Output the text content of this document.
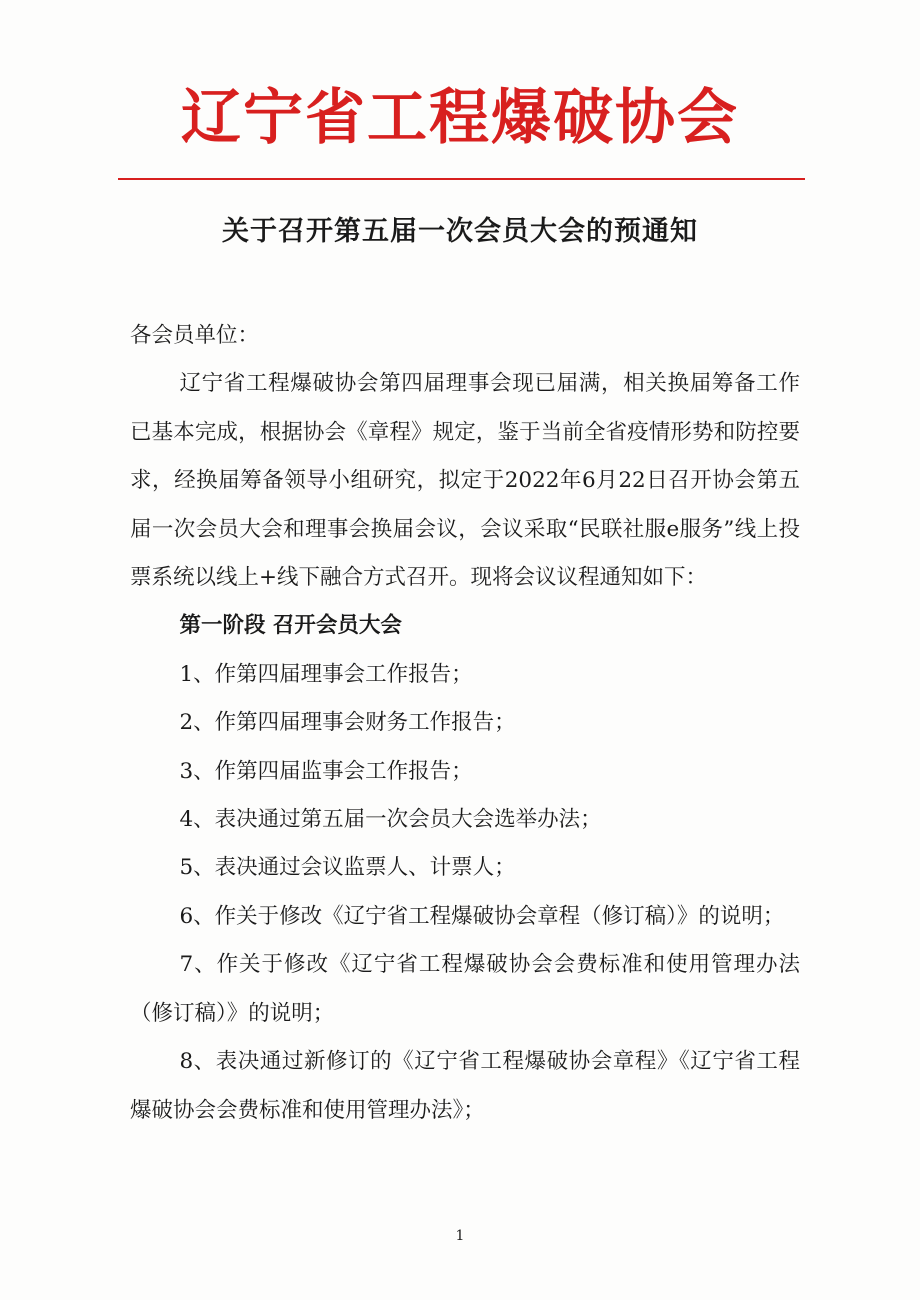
辽宁省工程爆破协会
关于召开第五届一次会员大会的预通知

各会员单位：

辽宁省工程爆破协会第四届理事会现已届满，相关换届筹备工作已基本完成，根据协会《章程》规定，鉴于当前全省疫情形势和防控要求，经换届筹备领导小组研究，拟定于2022年6月22日召开协会第五届一次会员大会和理事会换届会议，会议采取“民联社服e服务”线上投票系统以线上+线下融合方式召开。现将会议议程通知如下：

第一阶段 召开会员大会

1、作第四届理事会工作报告；

2、作第四届理事会财务工作报告；

3、作第四届监事会工作报告；

4、表决通过第五届一次会员大会选举办法；

5、表决通过会议监票人、计票人；

6、作关于修改《辽宁省工程爆破协会章程（修订稿）》的说明；

7、作关于修改《辽宁省工程爆破协会会费标准和使用管理办法（修订稿）》的说明；

8、表决通过新修订的《辽宁省工程爆破协会章程》《辽宁省工程爆破协会会费标准和使用管理办法》；

1
